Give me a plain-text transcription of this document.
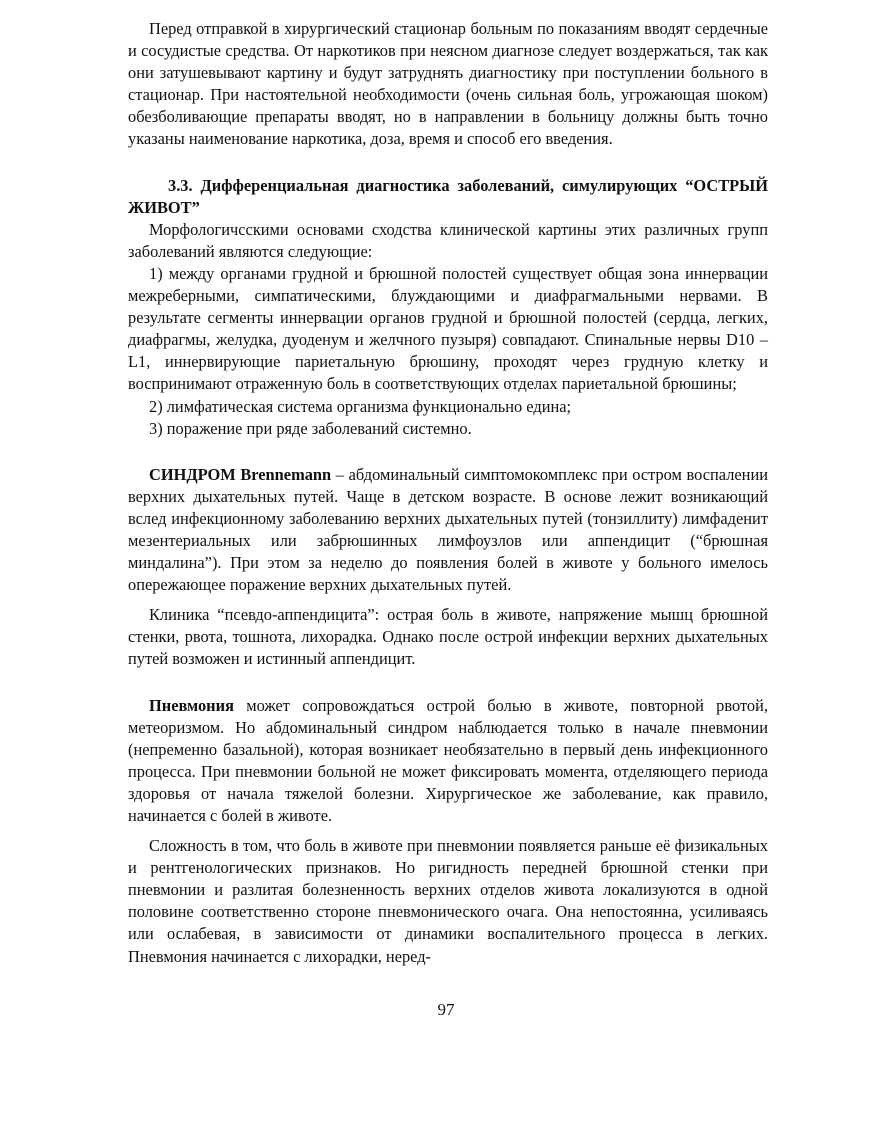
Перед отправкой в хирургический стационар больным по показаниям вводят сердечные и сосудистые средства. От наркотиков при неясном диагнозе следует воздержаться, так как они затушевывают картину и будут затруднять диагностику при поступлении больного в стационар. При настоятельной необходимости (очень сильная боль, угрожающая шоком) обезболивающие препараты вводят, но в направлении в больницу должны быть точно указаны наименование наркотика, доза, время и способ его введения.

3.3. Дифференциальная диагностика заболеваний, симулирующих “ОСТРЫЙ ЖИВОТ”

Морфологичсскими основами сходства клинической картины этих различных групп заболеваний являются следующие:

1) между органами грудной и брюшной полостей существует общая зона иннервации межреберными, симпатическими, блуждающими и диафрагмальными нервами. В результате сегменты иннервации органов грудной и брюшной полостей (сердца, легких, диафрагмы, желудка, дуоденум и желчного пузыря) совпадают. Спинальные нервы D10 – L1, иннервирующие париетальную брюшину, проходят через грудную клетку и воспринимают отраженную боль в соответствующих отделах париетальной брюшины;

2) лимфатическая система организма функционально едина;

3) поражение при ряде заболеваний системно.

СИНДРОМ Brennemann – абдоминальный симптомокомплекс при остром воспалении верхних дыхательных путей. Чаще в детском возрасте. В основе лежит возникающий вслед инфекционному заболеванию верхних дыхательных путей (тонзиллиту) лимфаденит мезентериальных или забрюшинных лимфоузлов или аппендицит (“брюшная миндалина”). При этом за неделю до появления болей в животе у больного имелось опережающее поражение верхних дыхательных путей.

Клиника “псевдо-аппендицита”: острая боль в животе, напряжение мышц брюшной стенки, рвота, тошнота, лихорадка. Однако после острой инфекции верхних дыхательных путей возможен и истинный аппендицит.

Пневмония может сопровождаться острой болью в животе, повторной рвотой, метеоризмом. Но абдоминальный синдром наблюдается только в начале пневмонии (непременно базальной), которая возникает необязательно в первый день инфекционного процесса. При пневмонии больной не может фиксировать момента, отделяющего периода здоровья от начала тяжелой болезни. Хирургическое же заболевание, как правило, начинается с болей в животе.

Сложность в том, что боль в животе при пневмонии появляется раньше её физикальных и рентгенологических признаков. Но ригидность передней брюшной стенки при пневмонии и разлитая болезненность верхних отделов живота локализуются в одной половине соответственно стороне пневмонического очага. Она непостоянна, усиливаясь или ослабевая, в зависимости от динамики воспалительного процесса в легких. Пневмония начинается с лихорадки, неред-

97
